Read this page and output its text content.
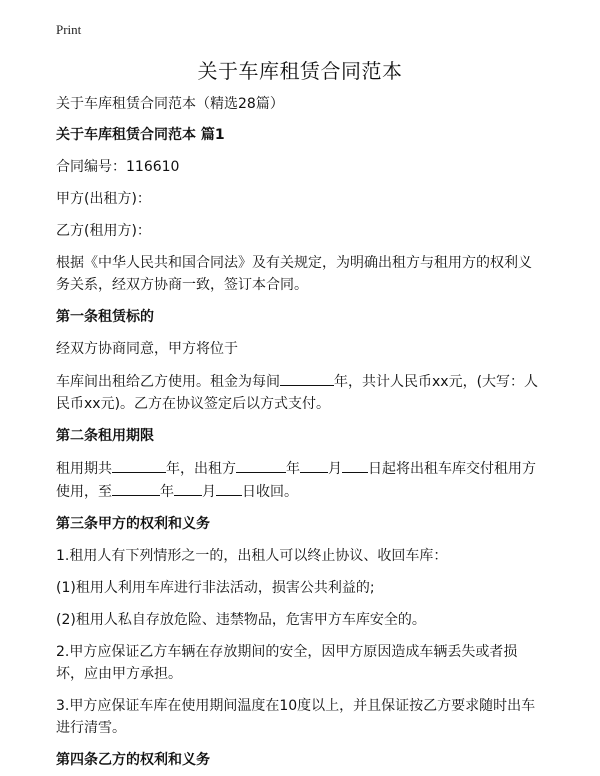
Print
关于车库租赁合同范本

关于车库租赁合同范本（精选28篇）

关于车库租赁合同范本 篇1

合同编号：116610

甲方(出租方)：

乙方(租用方)：

根据《中华人民共和国合同法》及有关规定，为明确出租方与租用方的权利义务关系，经双方协商一致，签订本合同。

第一条租赁标的

经双方协商同意，甲方将位于

车库间出租给乙方使用。租金为每间	年，共计人民币xx元，(大写：人民币xx元)。乙方在协议签定后以方式支付。

第二条租用期限

租用期共	年，出租方	年 月 日起将出租车库交付租用方使用，至	年 月 日收回。

第三条甲方的权利和义务

1.租用人有下列情形之一的，出租人可以终止协议、收回车库：

(1)租用人利用车库进行非法活动，损害公共利益的;

(2)租用人私自存放危险、违禁物品，危害甲方车库安全的。

2.甲方应保证乙方车辆在存放期间的安全，因甲方原因造成车辆丢失或者损坏，应由甲方承担。

3.甲方应保证车库在使用期间温度在10度以上，并且保证按乙方要求随时出车进行清雪。

第四条乙方的权利和义务
